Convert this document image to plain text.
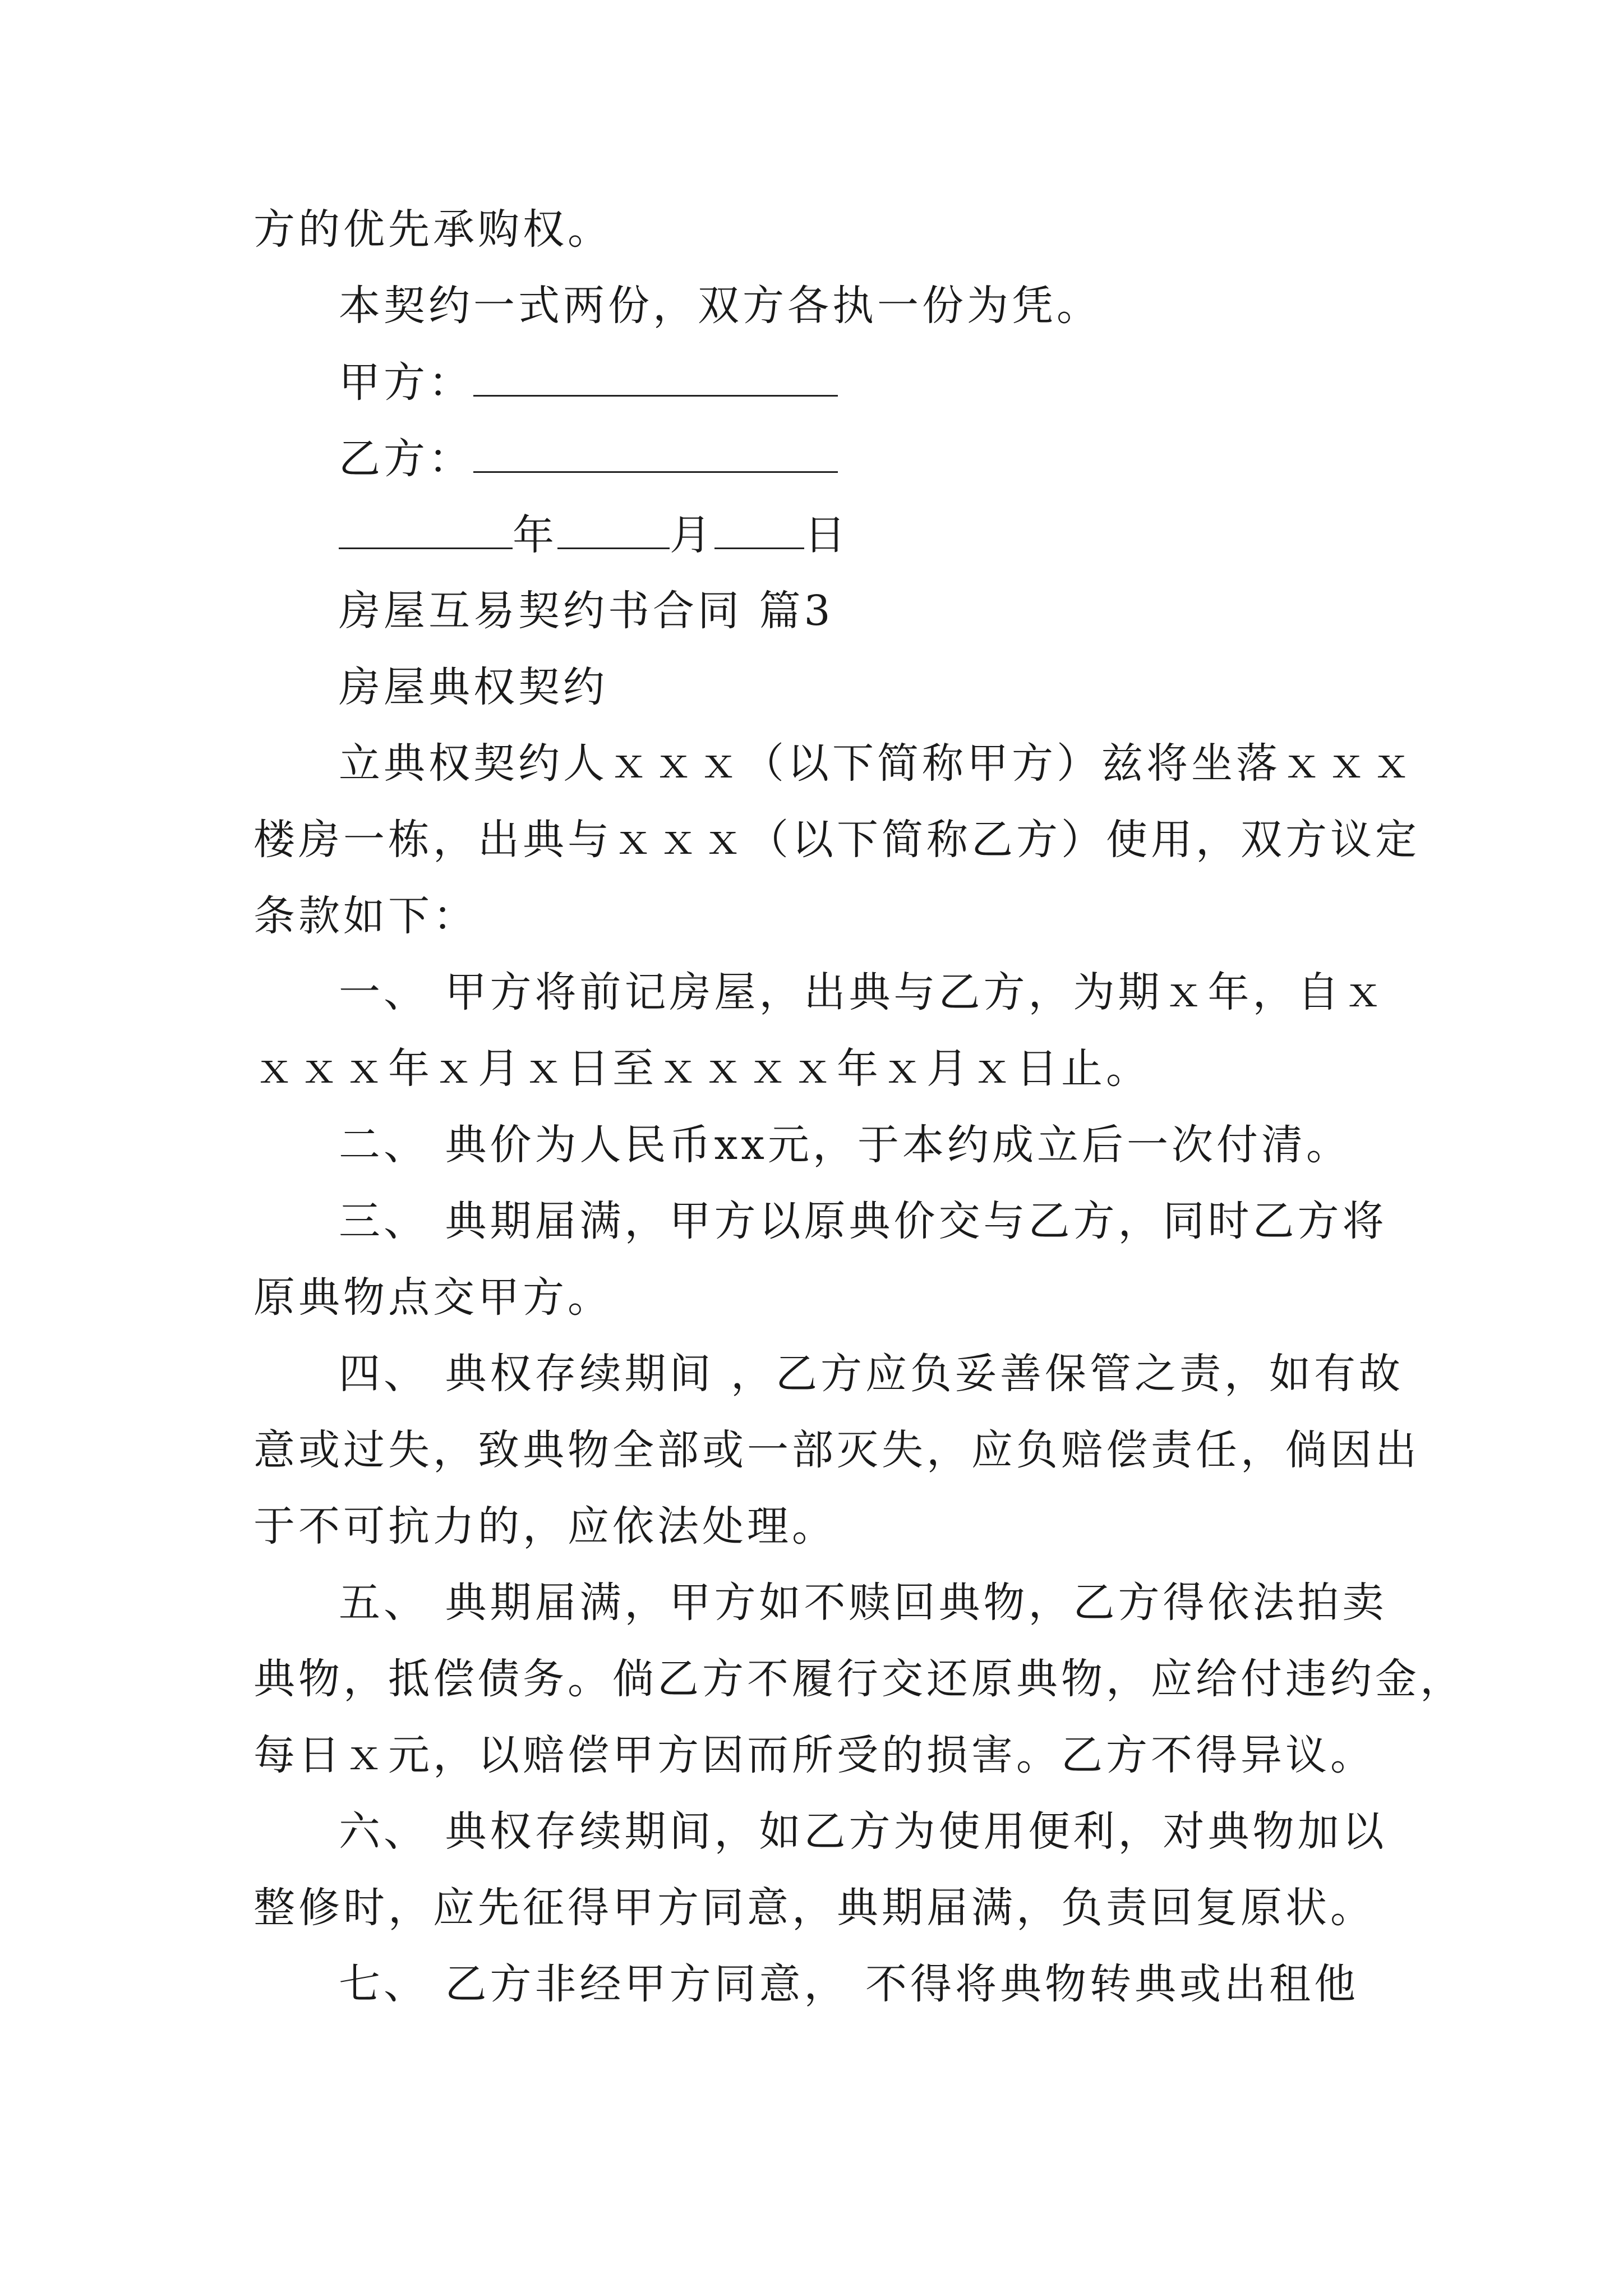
方的优先承购权。
本契约一式两份，双方各执一份为凭。
甲方：
乙方：
年	月 日
房屋互易契约书合同 篇3
房屋典权契约
立典权契约人ｘｘｘ（以下简称甲方）兹将坐落ｘｘｘ
楼房一栋，出典与ｘｘｘ（以下简称乙方）使用，双方议定
条款如下：
一、 甲方将前记房屋，出典与乙方，为期ｘ年，自ｘ
ｘｘｘ年ｘ月ｘ日至ｘｘｘｘ年ｘ月ｘ日止。
二、 典价为人民币xx元，于本约成立后一次付清。
三、 典期届满，甲方以原典价交与乙方，同时乙方将
原典物点交甲方。
四、 典权存续期间 ，乙方应负妥善保管之责，如有故
意或过失，致典物全部或一部灭失，应负赔偿责任，倘因出
于不可抗力的，应依法处理。
五、 典期届满，甲方如不赎回典物，乙方得依法拍卖
典物，抵偿债务。倘乙方不履行交还原典物，应给付违约金，
每日ｘ元，以赔偿甲方因而所受的损害。乙方不得异议。
六、 典权存续期间，如乙方为使用便利，对典物加以
整修时，应先征得甲方同意，典期届满，负责回复原状。
七、 乙方非经甲方同意， 不得将典物转典或出租他
